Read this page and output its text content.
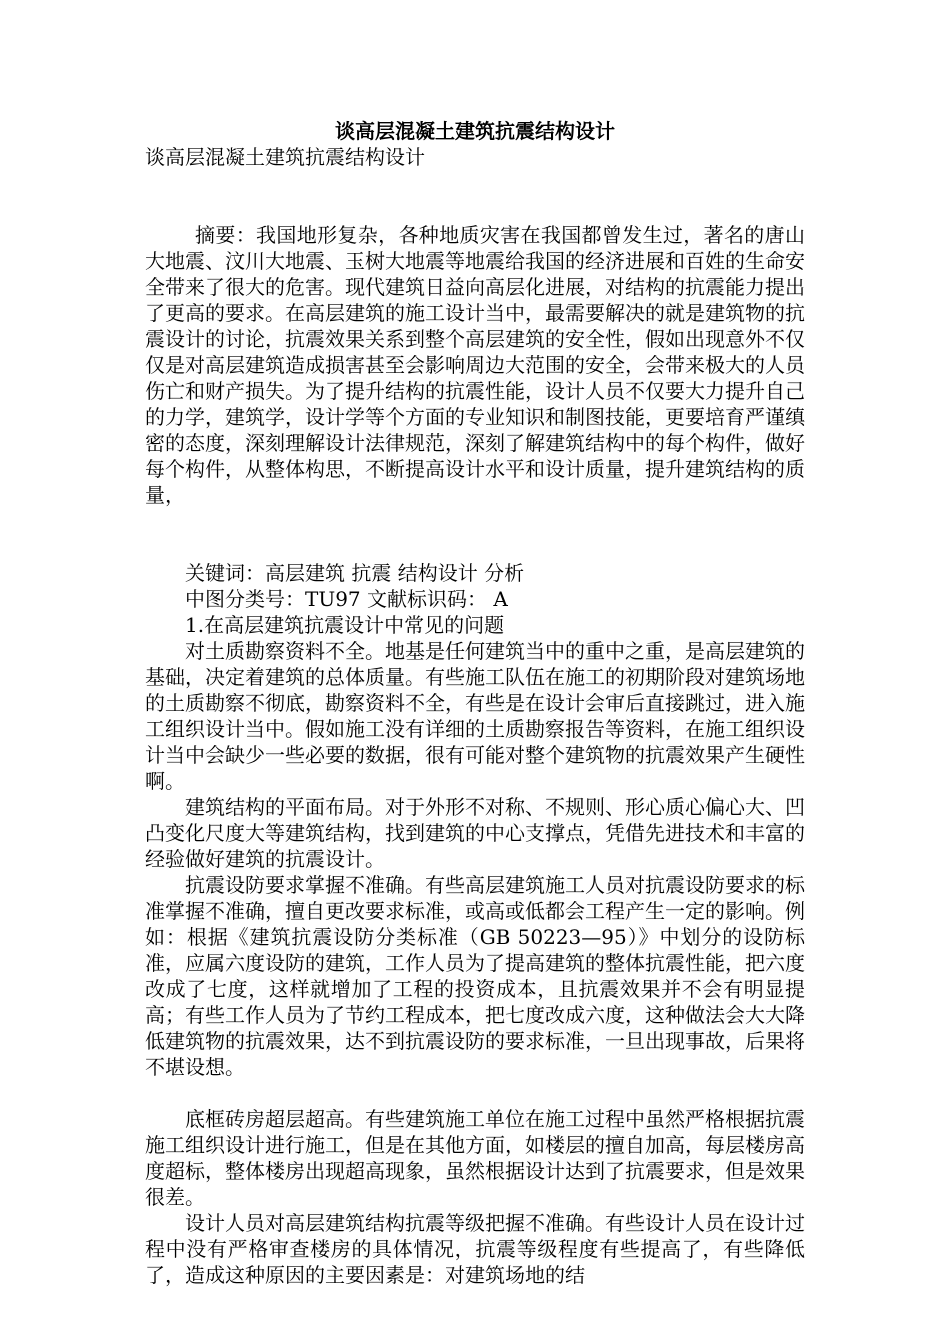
谈高层混凝土建筑抗震结构设计

谈高层混凝土建筑抗震结构设计

摘要：我国地形复杂，各种地质灾害在我国都曾发生过，著名的唐山大地震、汶川大地震、玉树大地震等地震给我国的经济进展和百姓的生命安全带来了很大的危害。现代建筑日益向高层化进展，对结构的抗震能力提出了更高的要求。在高层建筑的施工设计当中，最需要解决的就是建筑物的抗震设计的讨论，抗震效果关系到整个高层建筑的安全性，假如出现意外不仅仅是对高层建筑造成损害甚至会影响周边大范围的安全，会带来极大的人员伤亡和财产损失。为了提升结构的抗震性能，设计人员不仅要大力提升自己的力学，建筑学，设计学等个方面的专业知识和制图技能，更要培育严谨缜密的态度，深刻理解设计法律规范，深刻了解建筑结构中的每个构件，做好每个构件，从整体构思，不断提高设计水平和设计质量，提升建筑结构的质量，

关键词：高层建筑 抗震 结构设计 分析

中图分类号：TU97 文献标识码： A

1.在高层建筑抗震设计中常见的问题

对土质勘察资料不全。地基是任何建筑当中的重中之重，是高层建筑的基础，决定着建筑的总体质量。有些施工队伍在施工的初期阶段对建筑场地的土质勘察不彻底，勘察资料不全，有些是在设计会审后直接跳过，进入施工组织设计当中。假如施工没有详细的土质勘察报告等资料，在施工组织设计当中会缺少一些必要的数据，很有可能对整个建筑物的抗震效果产生硬性啊。

建筑结构的平面布局。对于外形不对称、不规则、形心质心偏心大、凹凸变化尺度大等建筑结构，找到建筑的中心支撑点，凭借先进技术和丰富的经验做好建筑的抗震设计。

抗震设防要求掌握不准确。有些高层建筑施工人员对抗震设防要求的标准掌握不准确，擅自更改要求标准，或高或低都会工程产生一定的影响。例如：根据《建筑抗震设防分类标准（GB 50223—95）》中划分的设防标准，应属六度设防的建筑，工作人员为了提高建筑的整体抗震性能，把六度改成了七度，这样就增加了工程的投资成本，且抗震效果并不会有明显提高；有些工作人员为了节约工程成本，把七度改成六度，这种做法会大大降低建筑物的抗震效果，达不到抗震设防的要求标准，一旦出现事故，后果将不堪设想。

底框砖房超层超高。有些建筑施工单位在施工过程中虽然严格根据抗震施工组织设计进行施工，但是在其他方面，如楼层的擅自加高，每层楼房高度超标，整体楼房出现超高现象，虽然根据设计达到了抗震要求，但是效果很差。

设计人员对高层建筑结构抗震等级把握不准确。有些设计人员在设计过程中没有严格审查楼房的具体情况，抗震等级程度有些提高了，有些降低了，造成这种原因的主要因素是：对建筑场地的结
